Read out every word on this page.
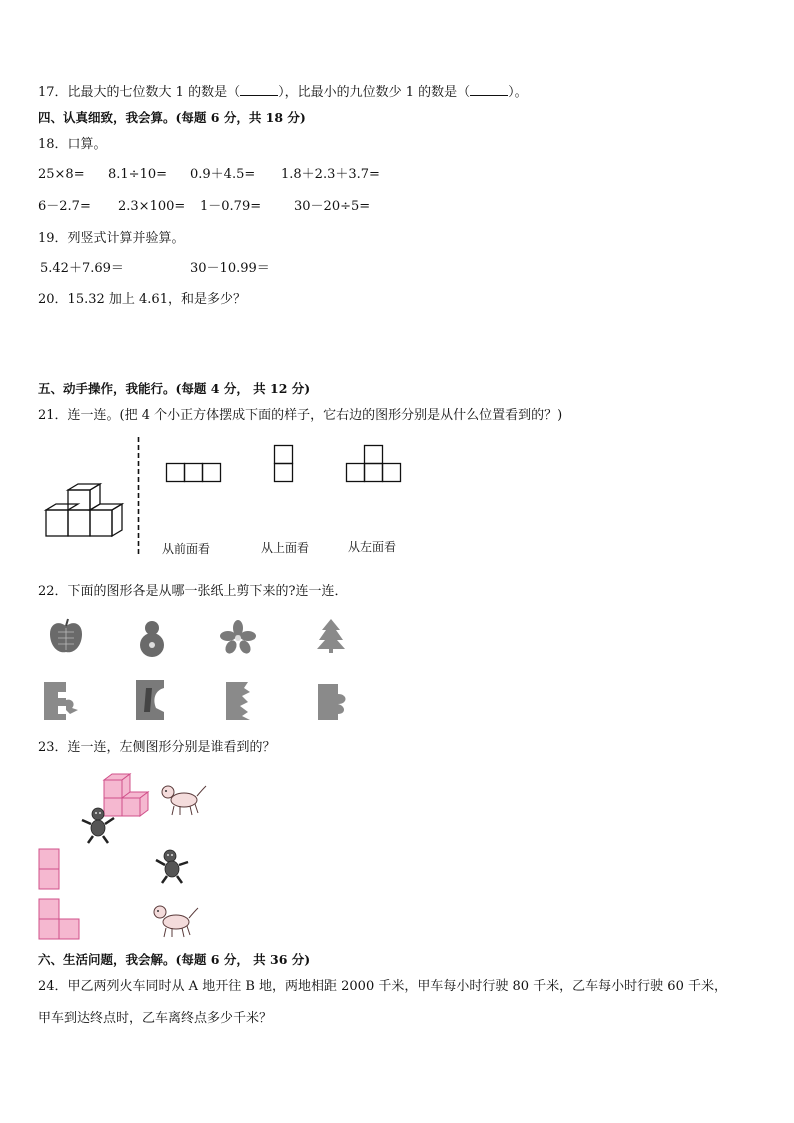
17．比最大的七位数大 1 的数是（	），比最小的九位数少 1 的数是（	）。
四、认真细致，我会算。(每题 6 分，共 18 分)
18．口算。
25×8= 8.1÷10= 0.9＋4.5= 1.8＋2.3＋3.7=
6－2.7= 2.3×100= 1－0.79=	30－20÷5=
19．列竖式计算并验算。
5.42＋7.69＝	30－10.99＝
20．15.32 加上 4.61，和是多少？
五、动手操作，我能行。(每题 4 分， 共 12 分)
21．连一连。(把 4 个小正方体摆成下面的样子，它右边的图形分别是从什么位置看到的？)
从前面看	从上面看	从左面看
22．下面的图形各是从哪一张纸上剪下来的?连一连．
23．连一连，左侧图形分别是谁看到的？
六、生活问题，我会解。(每题 6 分， 共 36 分)
24．甲乙两列火车同时从 A 地开往 B 地，两地相距 2000 千米，甲车每小时行驶 80 千米，乙车每小时行驶 60 千米，
甲车到达终点时，乙车离终点多少千米？
